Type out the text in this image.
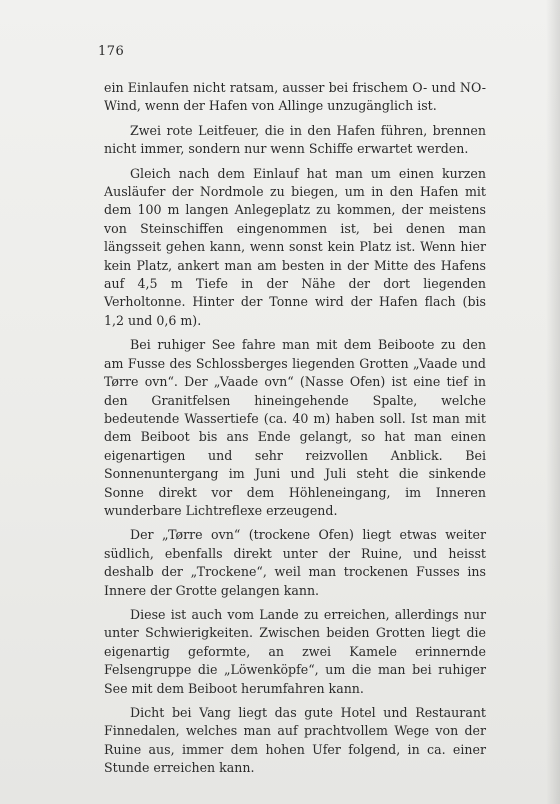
176

ein Einlaufen nicht ratsam, ausser bei frischem O- und NO-Wind, wenn der Hafen von Allinge unzugänglich ist.

Zwei rote Leitfeuer, die in den Hafen führen, brennen nicht immer, sondern nur wenn Schiffe erwartet werden.

Gleich nach dem Einlauf hat man um einen kurzen Ausläufer der Nordmole zu biegen, um in den Hafen mit dem 100 m langen Anlegeplatz zu kommen, der meistens von Steinschiffen eingenommen ist, bei denen man längsseit gehen kann, wenn sonst kein Platz ist. Wenn hier kein Platz, ankert man am besten in der Mitte des Hafens auf 4,5 m Tiefe in der Nähe der dort liegenden Verholtonne. Hinter der Tonne wird der Hafen flach (bis 1,2 und 0,6 m).

Bei ruhiger See fahre man mit dem Beiboote zu den am Fusse des Schlossberges liegenden Grotten „Vaade und Tørre ovn“. Der „Vaade ovn“ (Nasse Ofen) ist eine tief in den Granitfelsen hineingehende Spalte, welche bedeutende Wassertiefe (ca. 40 m) haben soll. Ist man mit dem Beiboot bis ans Ende gelangt, so hat man einen eigenartigen und sehr reizvollen Anblick. Bei Sonnenuntergang im Juni und Juli steht die sinkende Sonne direkt vor dem Höhleneingang, im Inneren wunderbare Lichtreflexe erzeugend.

Der „Tørre ovn“ (trockene Ofen) liegt etwas weiter südlich, ebenfalls direkt unter der Ruine, und heisst deshalb der „Trockene“, weil man trockenen Fusses ins Innere der Grotte gelangen kann.

Diese ist auch vom Lande zu erreichen, allerdings nur unter Schwierigkeiten. Zwischen beiden Grotten liegt die eigenartig geformte, an zwei Kamele erinnernde Felsengruppe die „Löwenköpfe“, um die man bei ruhiger See mit dem Beiboot herumfahren kann.

Dicht bei Vang liegt das gute Hotel und Restaurant Finnedalen, welches man auf prachtvollem Wege von der Ruine aus, immer dem hohen Ufer folgend, in ca. einer Stunde erreichen kann.
